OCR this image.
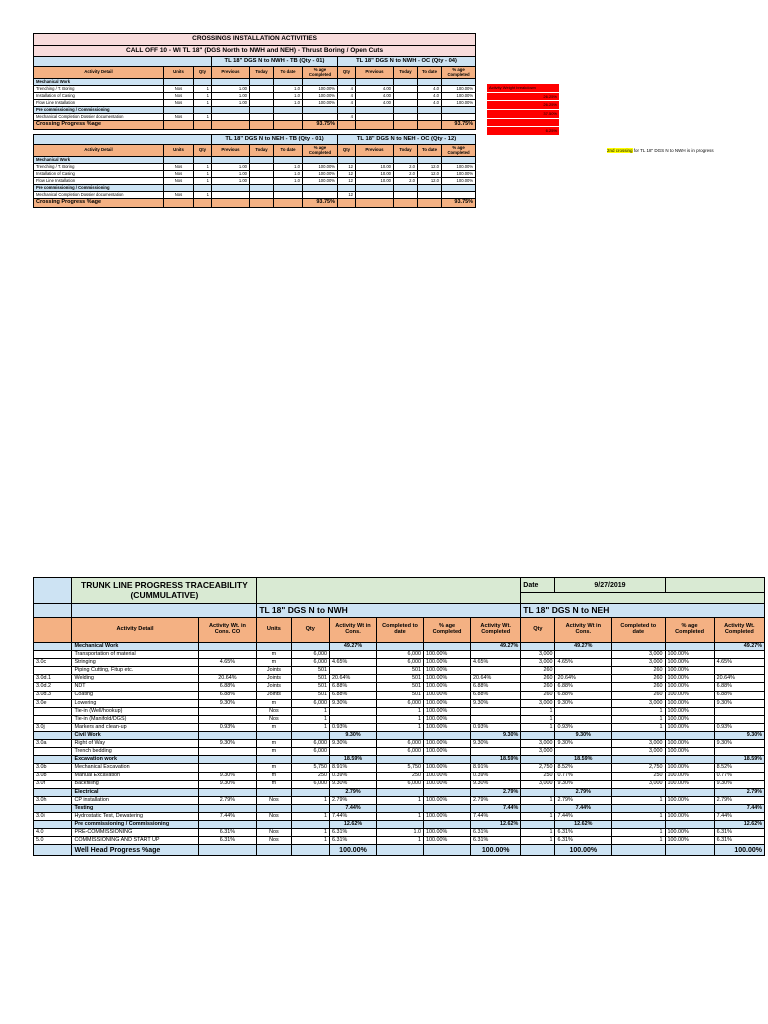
CROSSINGS INSTALLATION ACTIVITIES											
CALL OFF 10 - WI TL 18" (DGS North to NWH and NEH) - Thrust Boring / Open Cuts											
			TL 18" DGS N to NWH - TB (Qty - 01)				TL 18" DGS N to NWH - OC (Qty - 04)				
Activity Detail	Units	Qty	Previous	Today	To date	% age Completed	Qty	Previous	Today	To date	% age Completed
Mechanical Work											
Trenching / T. Boring	Nos	1	1.00		1.0	100.00%	4	4.00		4.0	100.00%
Installation of Casing	Nos	1	1.00		1.0	100.00%	4	4.00		4.0	100.00%
Flow Line Installation	Nos	1	1.00		1.0	100.00%	4	4.00		4.0	100.00%
Pre commissioning / Commissioning											
Mechanical Completion Dossier documentation	Nos	1					4				
Crossing Progress %age						93.75%					93.75%

			TL 18" DGS N to NEH - TB (Qty - 01)				TL 18" DGS N to NEH - OC (Qty - 12)				
Activity Detail	Units	Qty	Previous	Today	To date	% age Completed	Qty	Previous	Today	To date	% age Completed
Mechanical Work											
Trenching / T. Boring	Nos	1	1.00		1.0	100.00%	12	10.00	2.0	12.0	100.00%
Installation of Casing	Nos	1	1.00		1.0	100.00%	12	10.00	2.0	12.0	100.00%
Flow Line Installation	Nos	1	1.00		1.0	100.00%	12	10.00	2.0	12.0	100.00%
Pre commissioning / Commissioning											
Mechanical Completion Dossier documentation	Nos	1					12				
Crossing Progress %age						93.75%					93.75%
Activity Weight breakdown
26.25%
26.25%
37.50%
6.25%
2nd crossing for TL 18" DGS N to NWH is in progress
	TRUNK LINE PROGRESS TRACEABILITY (CUMMULATIVE)								Date	9/27/2019			

			TL 18" DGS N to NWH						TL 18" DGS N to NEH				
	Activity Detail	Activity Wt. in Cons. CO	Units	Qty	Activity Wt in Cons.	Completed to date	% age Completed	Activity Wt. Completed	Qty	Activity Wt in Cons.	Completed to date	% age Completed	Activity Wt. Completed
	Mechanical Work				49.27%			49.27%		49.27%			49.27%
	Transportation of material		m	6,000		6,000	100.00%		3,000		3,000	100.00%	
3.0c	Stringing	4.65%	m	6,000	4.65%	6,000	100.00%	4.65%	3,000	4.65%	3,000	100.00%	4.65%
	Piping Cutting, Fitup etc.		Joints	501		501	100.00%		260		260	100.00%	
3.0d.1	Welding	20.64%	Joints	501	20.64%	501	100.00%	20.64%	260	20.64%	260	100.00%	20.64%
3.0d.2	NDT	6.88%	Joints	501	6.88%	501	100.00%	6.88%	260	6.88%	260	100.00%	6.88%
3.0d.3	Coating	6.88%	Joints	501	6.88%	501	100.00%	6.88%	260	6.88%	260	100.00%	6.88%
3.0e	Lowering	9.30%	m	6,000	9.30%	6,000	100.00%	9.30%	3,000	9.30%	3,000	100.00%	9.30%
	Tie-in (Well/hookup)		Nos	1		1	100.00%		1		1	100.00%	
	Tie-in (Manifold/DGS)		Nos	1		1	100.00%		1		1	100.00%	
3.0j	Markers and clean-up	0.93%	m	1	0.93%	1	100.00%	0.93%	1	0.93%	1	100.00%	0.93%
	Civil Work				9.30%			9.30%		9.30%			9.30%
3.0a	Right of Way	9.30%	m	6,000	9.30%	6,000	100.00%	9.30%	3,000	9.30%	3,000	100.00%	9.30%
	Trench bedding		m	6,000		6,000	100.00%		3,000		3,000	100.00%	
	Excavation work				18.59%			18.59%		18.59%			18.59%
3.0b	Mechanical Excavation		m	5,750	8.91%	5,750	100.00%	8.91%	2,750	8.52%	2,750	100.00%	8.52%
3.0b	Manual Excavation	9.30%	m	250	0.39%	250	100.00%	0.39%	250	0.77%	250	100.00%	0.77%
3.0f	Backfilling	9.30%	m	6,000	9.30%	6,000	100.00%	9.30%	3,000	9.30%	3,000	100.00%	9.30%
	Electrical				2.79%			2.79%		2.79%			2.79%
3.0h	CP installation	2.79%	Nos	1	2.79%	1	100.00%	2.79%	1	2.79%	1	100.00%	2.79%
	Testing				7.44%			7.44%		7.44%			7.44%
3.0i	Hydrostatic Test, Dewatering	7.44%	Nos	1	7.44%	1	100.00%	7.44%	1	7.44%	1	100.00%	7.44%
	Pre commissioning / Commissioning				12.62%			12.62%		12.62%			12.62%
4.0	PRE-COMMISSIONING	6.31%	Nos	1	6.31%	1.0	100.00%	6.31%	1	6.31%	1	100.00%	6.31%
5.0	COMMISSIONING AND START UP	6.31%	Nos	1	6.31%	1	100.00%	6.31%	1	6.31%	1	100.00%	6.31%
	Well Head Progress %age				100.00%			100.00%		100.00%			100.00%
